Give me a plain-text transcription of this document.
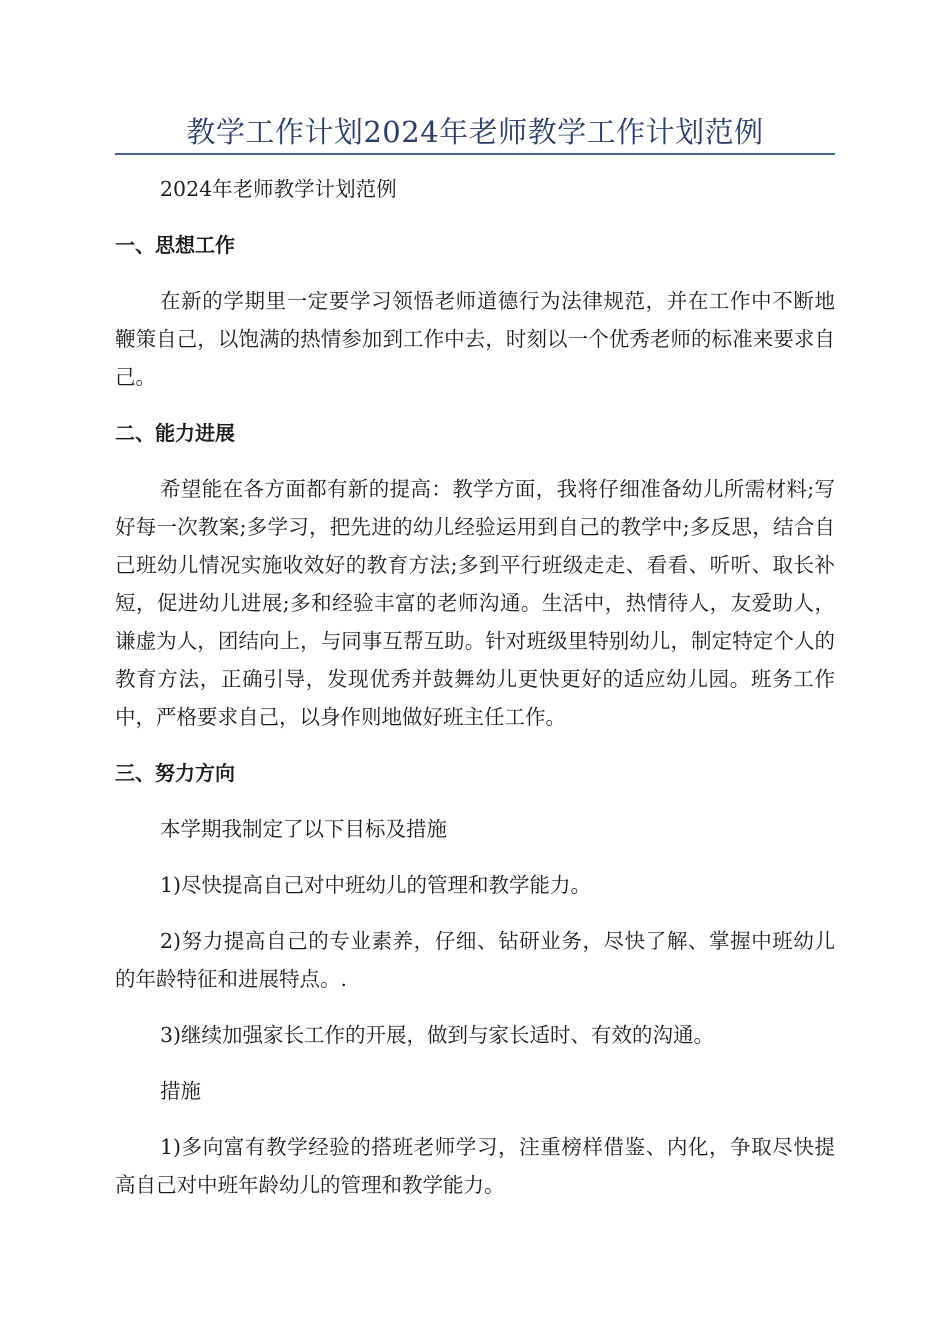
教学工作计划2024年老师教学工作计划范例

2024年老师教学计划范例

一、思想工作

在新的学期里一定要学习领悟老师道德行为法律规范，并在工作中不断地鞭策自己，以饱满的热情参加到工作中去，时刻以一个优秀老师的标准来要求自己。

二、能力进展

希望能在各方面都有新的提高：教学方面，我将仔细准备幼儿所需材料;写好每一次教案;多学习，把先进的幼儿经验运用到自己的教学中;多反思，结合自己班幼儿情况实施收效好的教育方法;多到平行班级走走、看看、听听、取长补短，促进幼儿进展;多和经验丰富的老师沟通。生活中，热情待人，友爱助人，谦虚为人，团结向上，与同事互帮互助。针对班级里特别幼儿，制定特定个人的教育方法，正确引导，发现优秀并鼓舞幼儿更快更好的适应幼儿园。班务工作中，严格要求自己，以身作则地做好班主任工作。

三、努力方向

本学期我制定了以下目标及措施

1)尽快提高自己对中班幼儿的管理和教学能力。

2)努力提高自己的专业素养，仔细、钻研业务，尽快了解、掌握中班幼儿的年龄特征和进展特点。.

3)继续加强家长工作的开展，做到与家长适时、有效的沟通。

措施

1)多向富有教学经验的搭班老师学习，注重榜样借鉴、内化，争取尽快提高自己对中班年龄幼儿的管理和教学能力。
